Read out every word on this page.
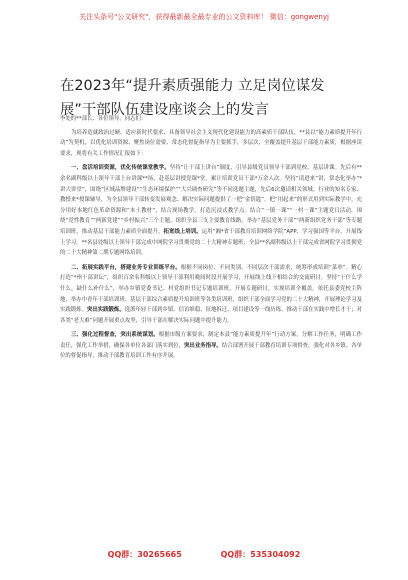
关注头条号"公文研究"，获得最新最全最专业的公文资料库！ 微信：gongwenyj
在2023年“提升素质强能力 立足岗位谋发展”干部队伍建设座谈会上的发言

李处的**部长、各位领导，同志们：

为培养造就政治过硬、适应新时代要求、具备领导社会主义现代化建设能力的高素质干部队伍，**县以“能力素质提升年行动”为契机，以优化培训资源、聚焦岗位需要、常态化督促指导为主要抓手，多层次、全覆盖提升基层干部能力素质，根据座谈要求，现将有关工作情况汇报如下：

一、盘活培训资源，优化传统课堂教学。坚持“让干部上讲台”制度，引导县级党员领导干部到党校、基层讲课。先后有**余名副科级以上领导干部上台讲课**场，赴基层讲授党课*堂，累计培训党员干部*万余人次。坚持“请进来”讲，常态化举办“*讲大讲堂”，围绕“区域品牌建设”“生态环境保护”“大兴调查研究”等不同选题主题，先后6次邀请相关领域、行业的知名专家、教授来*授课辅导，为全县领导干部转变发展观念、解决实际问题提供了一把“金钥匙”。把“用起来”的形式用到实际教学中，充分用好本地红色革命资源和“本土教材”，结合现场教学，打造沉浸式教学点。结合“一镇一课”“一村一课”主题党日活动，围绕“党性教育”“两新党建”“乡村振兴”三个主题，组织全县三支主要教育线路，举办“基层党务干部”“两新组织党务干部”等专题培训班，推动基层干部能力素质全面提升。拓宽线上培训。运用“湘*省干部教育培训网络学院”APP、学习强国等平台，开展线上学习。**名县处级以上领导干部完成中网院学习贯彻党的二十大精神专题班；全县**名副科级以上干部完成省网院学习贯彻党的二十大精神第二期专题网络培训。

二、拓展实践平台，搭建业务专业训练平台。根据不同岗位、不同类别、不同层次干部需求，统筹形成培训“菜单”。精心打造“*州干部讲坛”，组织百余名科级以上领导干部利用晚间时段开展学习，开展线上线下相结合的交流研讨。坚持“干什么学什么，缺什么补什么”，举办乡镇党委书记、村党组织书记专题培训班，开展专题研讨，实现培训全覆盖。依托县委党校主阵地，举办中青年干部培训班、基层干部综合素质提升培训班等各类培训班，组织干部全面学习党的二十大精神，开展理论学习及实践锻炼。突出实践锻炼。选派年轻干部到乡镇、信访维稳、征地拆迁、项目建设等一线历练，推动干部在实践中增长才干；对各类“老大难”问题开展重点攻坚，引导干部在解决实际问题中提升能力。

三、强化过程督查，突出系统谋划。根据市级方案要求，制定本县“能力素质提升年”行动方案，分解工作任务，明确工作责任，强化工作举措，确保各单位各部门落实到位，突出业务指导。结合部署开展干部教育培训专项督查，强化对各乡镇、各单位的督促指导，推动干部教育培训工作有序开展。

QQ群：30265665	QQ群：535304092
